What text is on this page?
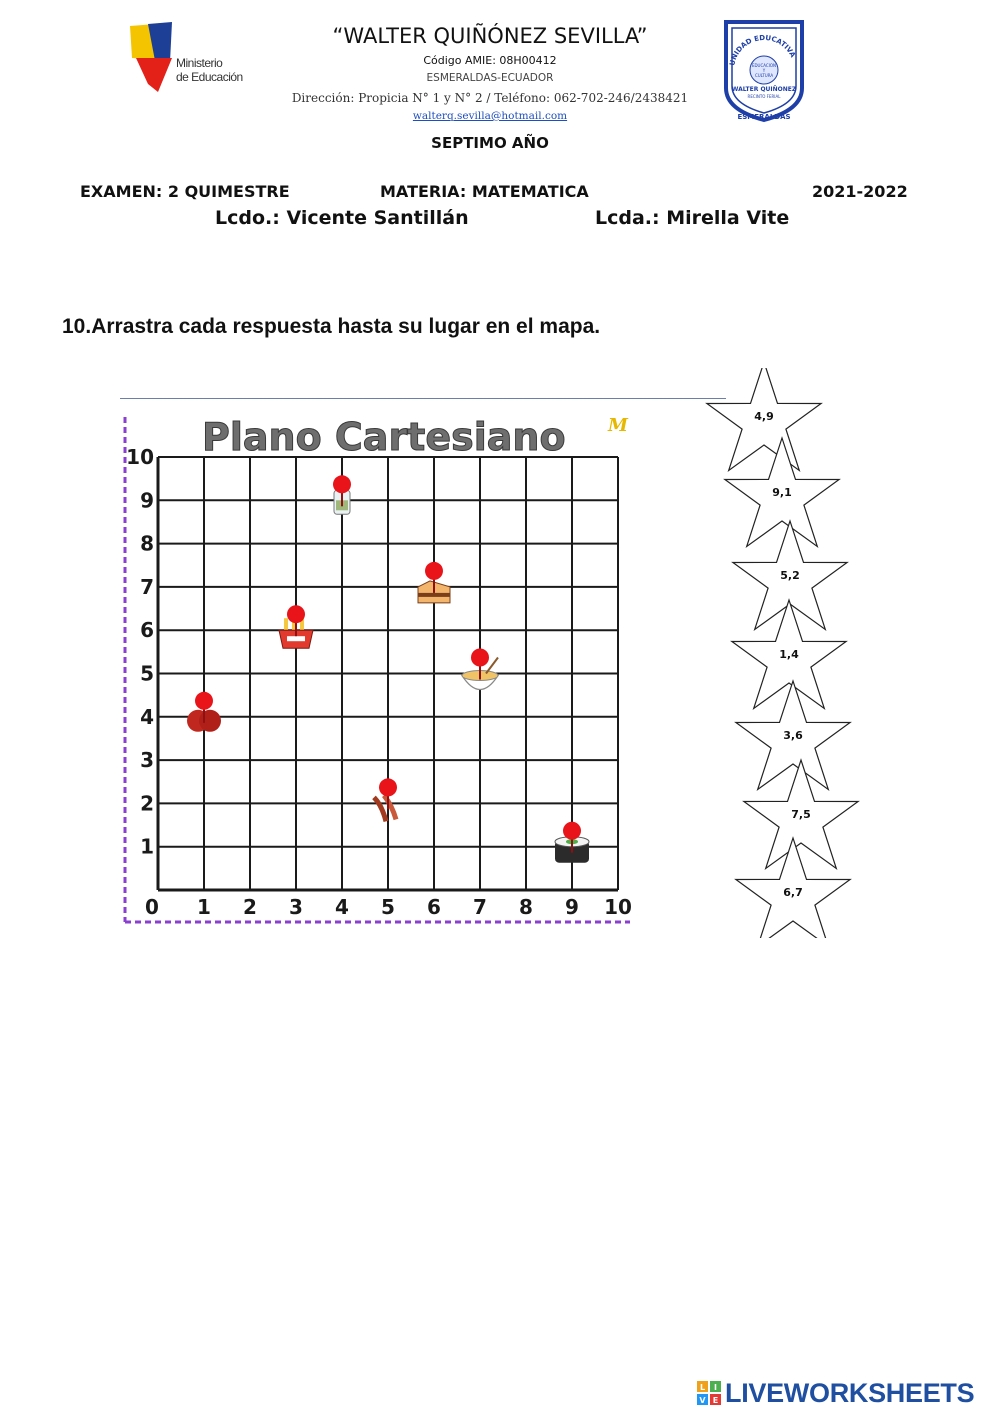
Ministerio
de Educación
“WALTER QUIÑÓNEZ SEVILLA”
Código AMIE: 08H00412
ESMERALDAS-ECUADOR
Dirección: Propicia N° 1 y N° 2 / Teléfono: 062-702-246/2438421
walterq.sevilla@hotmail.com
SEPTIMO AÑO
UNIDAD EDUCATIVA
EDUCACION
Y
CULTURA
WALTER QUIÑONEZ
RECINTO FERIAL
ESMERALDAS
EXAMEN: 2 QUIMESTRE	MATERIA: MATEMATICA	2021-2022
Lcdo.: Vicente Santillán	Lcda.: Mirella Vite
10.Arrastra cada respuesta hasta su lugar en el mapa.
Plano Cartesiano M
0 1 2 3 4 5 6 7 8 9 10
1
2
3
4
5
6
7
8
9
10
4,9
9,1
5,2
1,4
3,6
7,5
6,7
L I
V E LIVEWORKSHEETS
